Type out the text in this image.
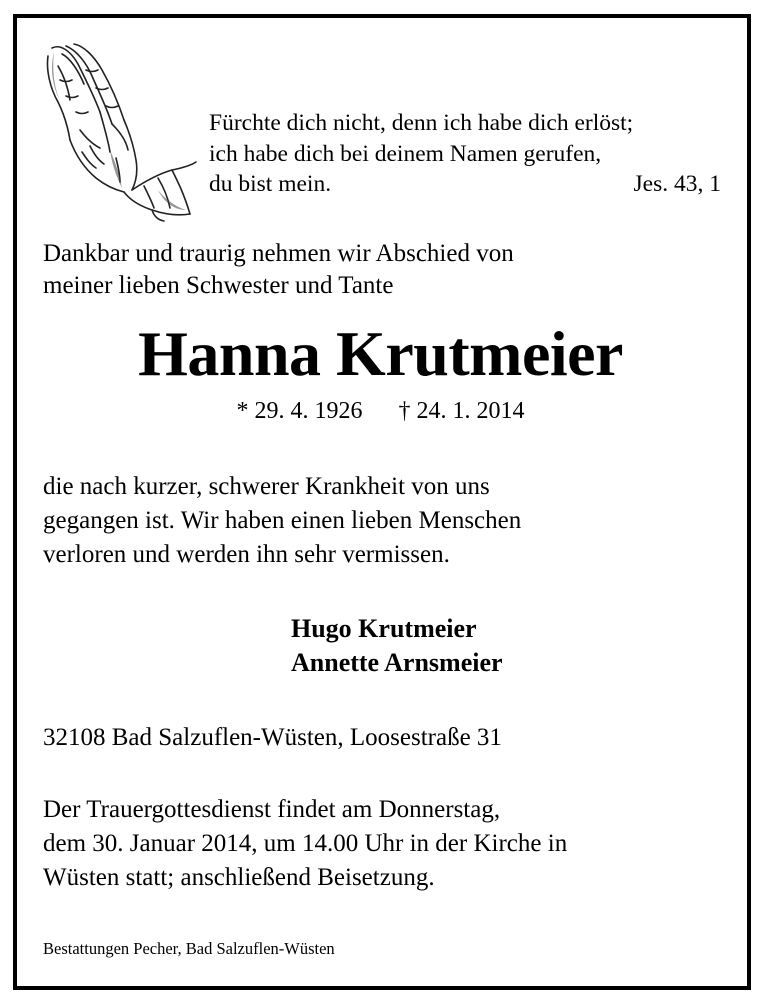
Fürchte dich nicht, denn ich habe dich erlöst;
ich habe dich bei deinem Namen gerufen,
du bist mein.	Jes. 43, 1
Dankbar und traurig nehmen wir Abschied von
meiner lieben Schwester und Tante
Hanna Krutmeier
* 29. 4. 1926      † 24. 1. 2014
die nach kurzer, schwerer Krankheit von uns
gegangen ist. Wir haben einen lieben Menschen
verloren und werden ihn sehr vermissen.
Hugo Krutmeier
Annette Arnsmeier
32108 Bad Salzuflen-Wüsten, Loosestraße 31
Der Trauergottesdienst findet am Donnerstag,
dem 30. Januar 2014, um 14.00 Uhr in der Kirche in
Wüsten statt; anschließend Beisetzung.
Bestattungen Pecher, Bad Salzuflen-Wüsten
